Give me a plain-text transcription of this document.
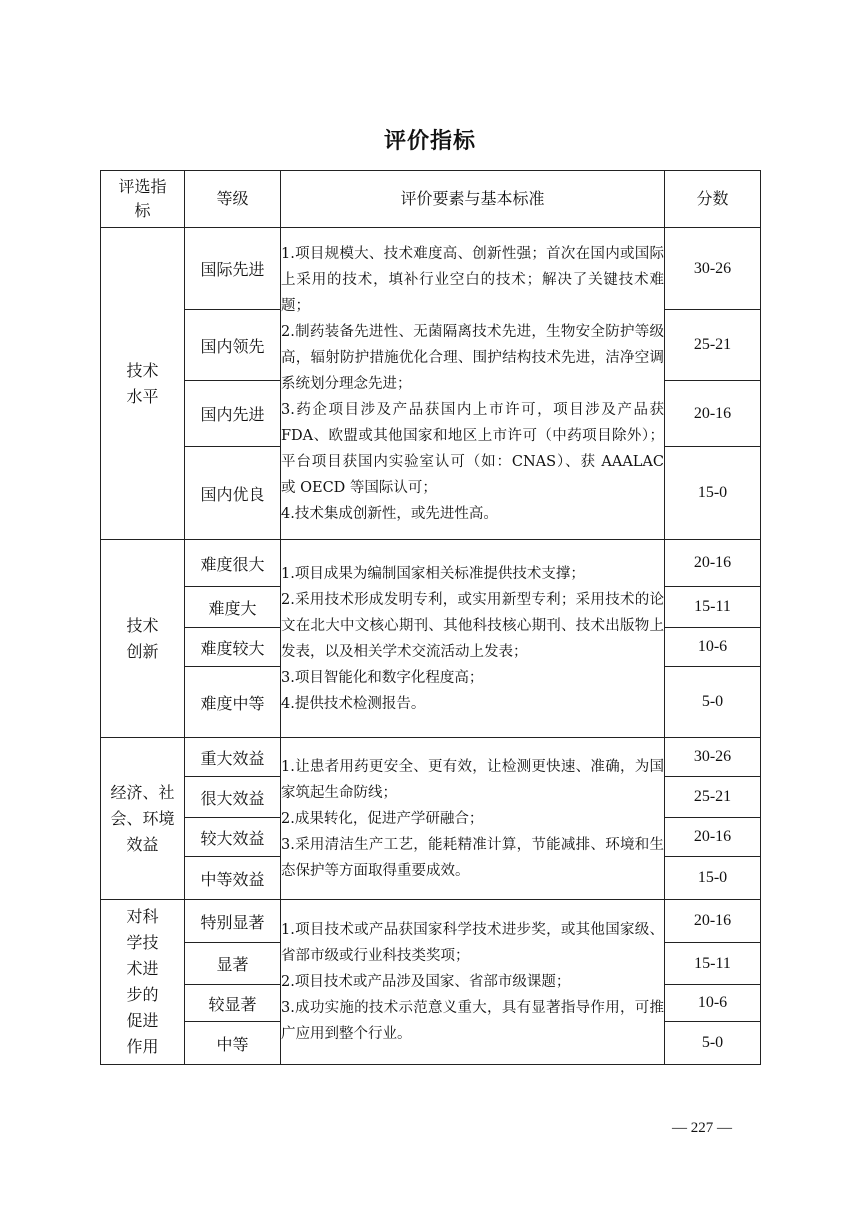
评价指标
评选指标	等级	评价要素与基本标准	分数
技术水平	国际先进	1.项目规模大、技术难度高、创新性强；首次在国内或国际上采用的技术，填补行业空白的技术；解决了关键技术难题；
2.制药装备先进性、无菌隔离技术先进，生物安全防护等级高，辐射防护措施优化合理、围护结构技术先进，洁净空调系统划分理念先进；
3.药企项目涉及产品获国内上市许可，项目涉及产品获 FDA、欧盟或其他国家和地区上市许可（中药项目除外）；平台项目获国内实验室认可（如：CNAS）、获 AAALAC 或 OECD 等国际认可；
4.技术集成创新性，或先进性高。	30-26
	国内领先		25-21
	国内先进		20-16
	国内优良		15-0
技术创新	难度很大	1.项目成果为编制国家相关标准提供技术支撑；
2.采用技术形成发明专利，或实用新型专利；采用技术的论文在北大中文核心期刊、其他科技核心期刊、技术出版物上发表，以及相关学术交流活动上发表；
3.项目智能化和数字化程度高；
4.提供技术检测报告。	20-16
	难度大		15-11
	难度较大		10-6
	难度中等		5-0
经济、社会、环境效益	重大效益	1.让患者用药更安全、更有效，让检测更快速、准确，为国家筑起生命防线；
2.成果转化，促进产学研融合；
3.采用清洁生产工艺，能耗精准计算，节能减排、环境和生态保护等方面取得重要成效。	30-26
	很大效益		25-21
	较大效益		20-16
	中等效益		15-0
对科学技术进步的促进作用	特别显著	1.项目技术或产品获国家科学技术进步奖，或其他国家级、省部市级或行业科技类奖项；
2.项目技术或产品涉及国家、省部市级课题；
3.成功实施的技术示范意义重大，具有显著指导作用，可推广应用到整个行业。	20-16
	显著		15-11
	较显著		10-6
	中等		5-0
— 227 —
